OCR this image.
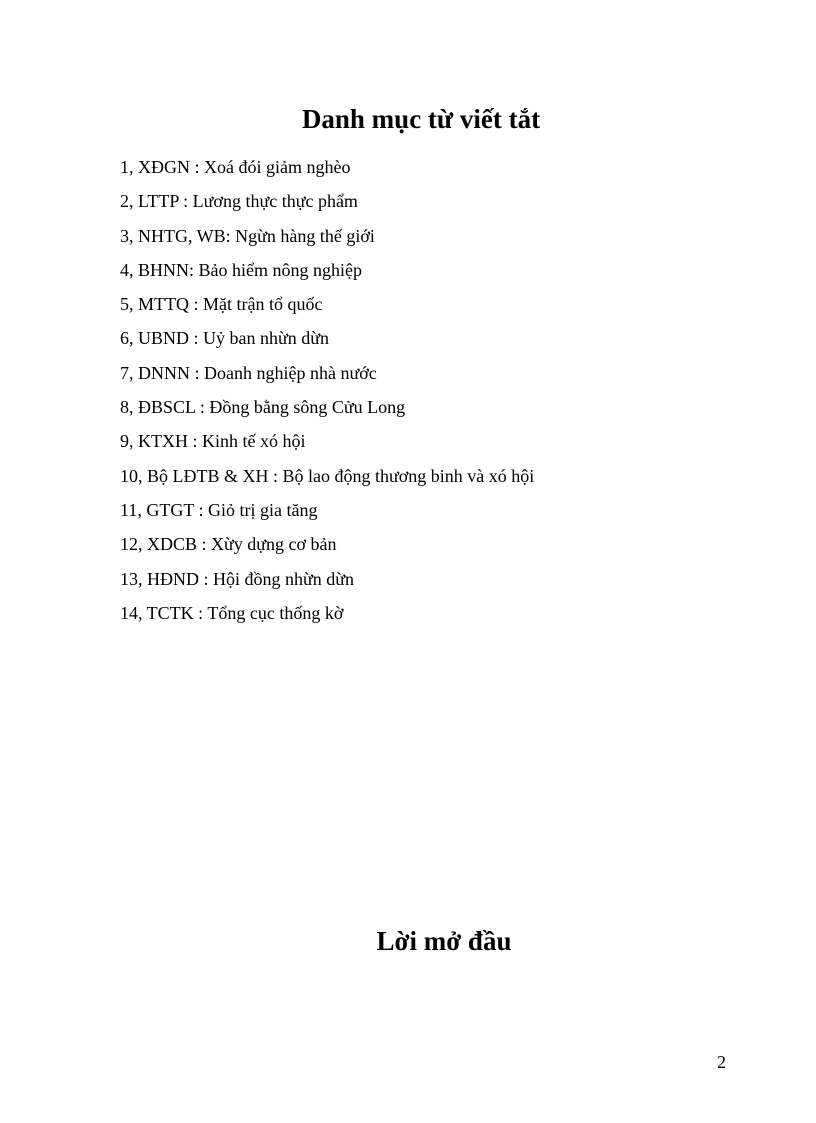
Danh mục từ viết tắt
1, XĐGN : Xoá đói giảm nghèo
2, LTTP : Lương thực thực phẩm
3, NHTG, WB: Ngừn hàng thế giới
4, BHNN: Bảo hiểm nông nghiệp
5, MTTQ : Mặt trận tổ quốc
6, UBND : Uỷ ban nhừn dừn
7, DNNN : Doanh nghiệp nhà nước
8, ĐBSCL : Đồng bằng sông Cửu Long
9, KTXH : Kinh tế xó hội
10, Bộ LĐTB & XH : Bộ lao động thương binh và xó hội
11, GTGT : Giỏ trị gia tăng
12, XDCB : Xừy dựng cơ bản
13, HĐND : Hội đồng nhừn dừn
14, TCTK : Tổng cục thống kờ
Lời mở đầu
2
